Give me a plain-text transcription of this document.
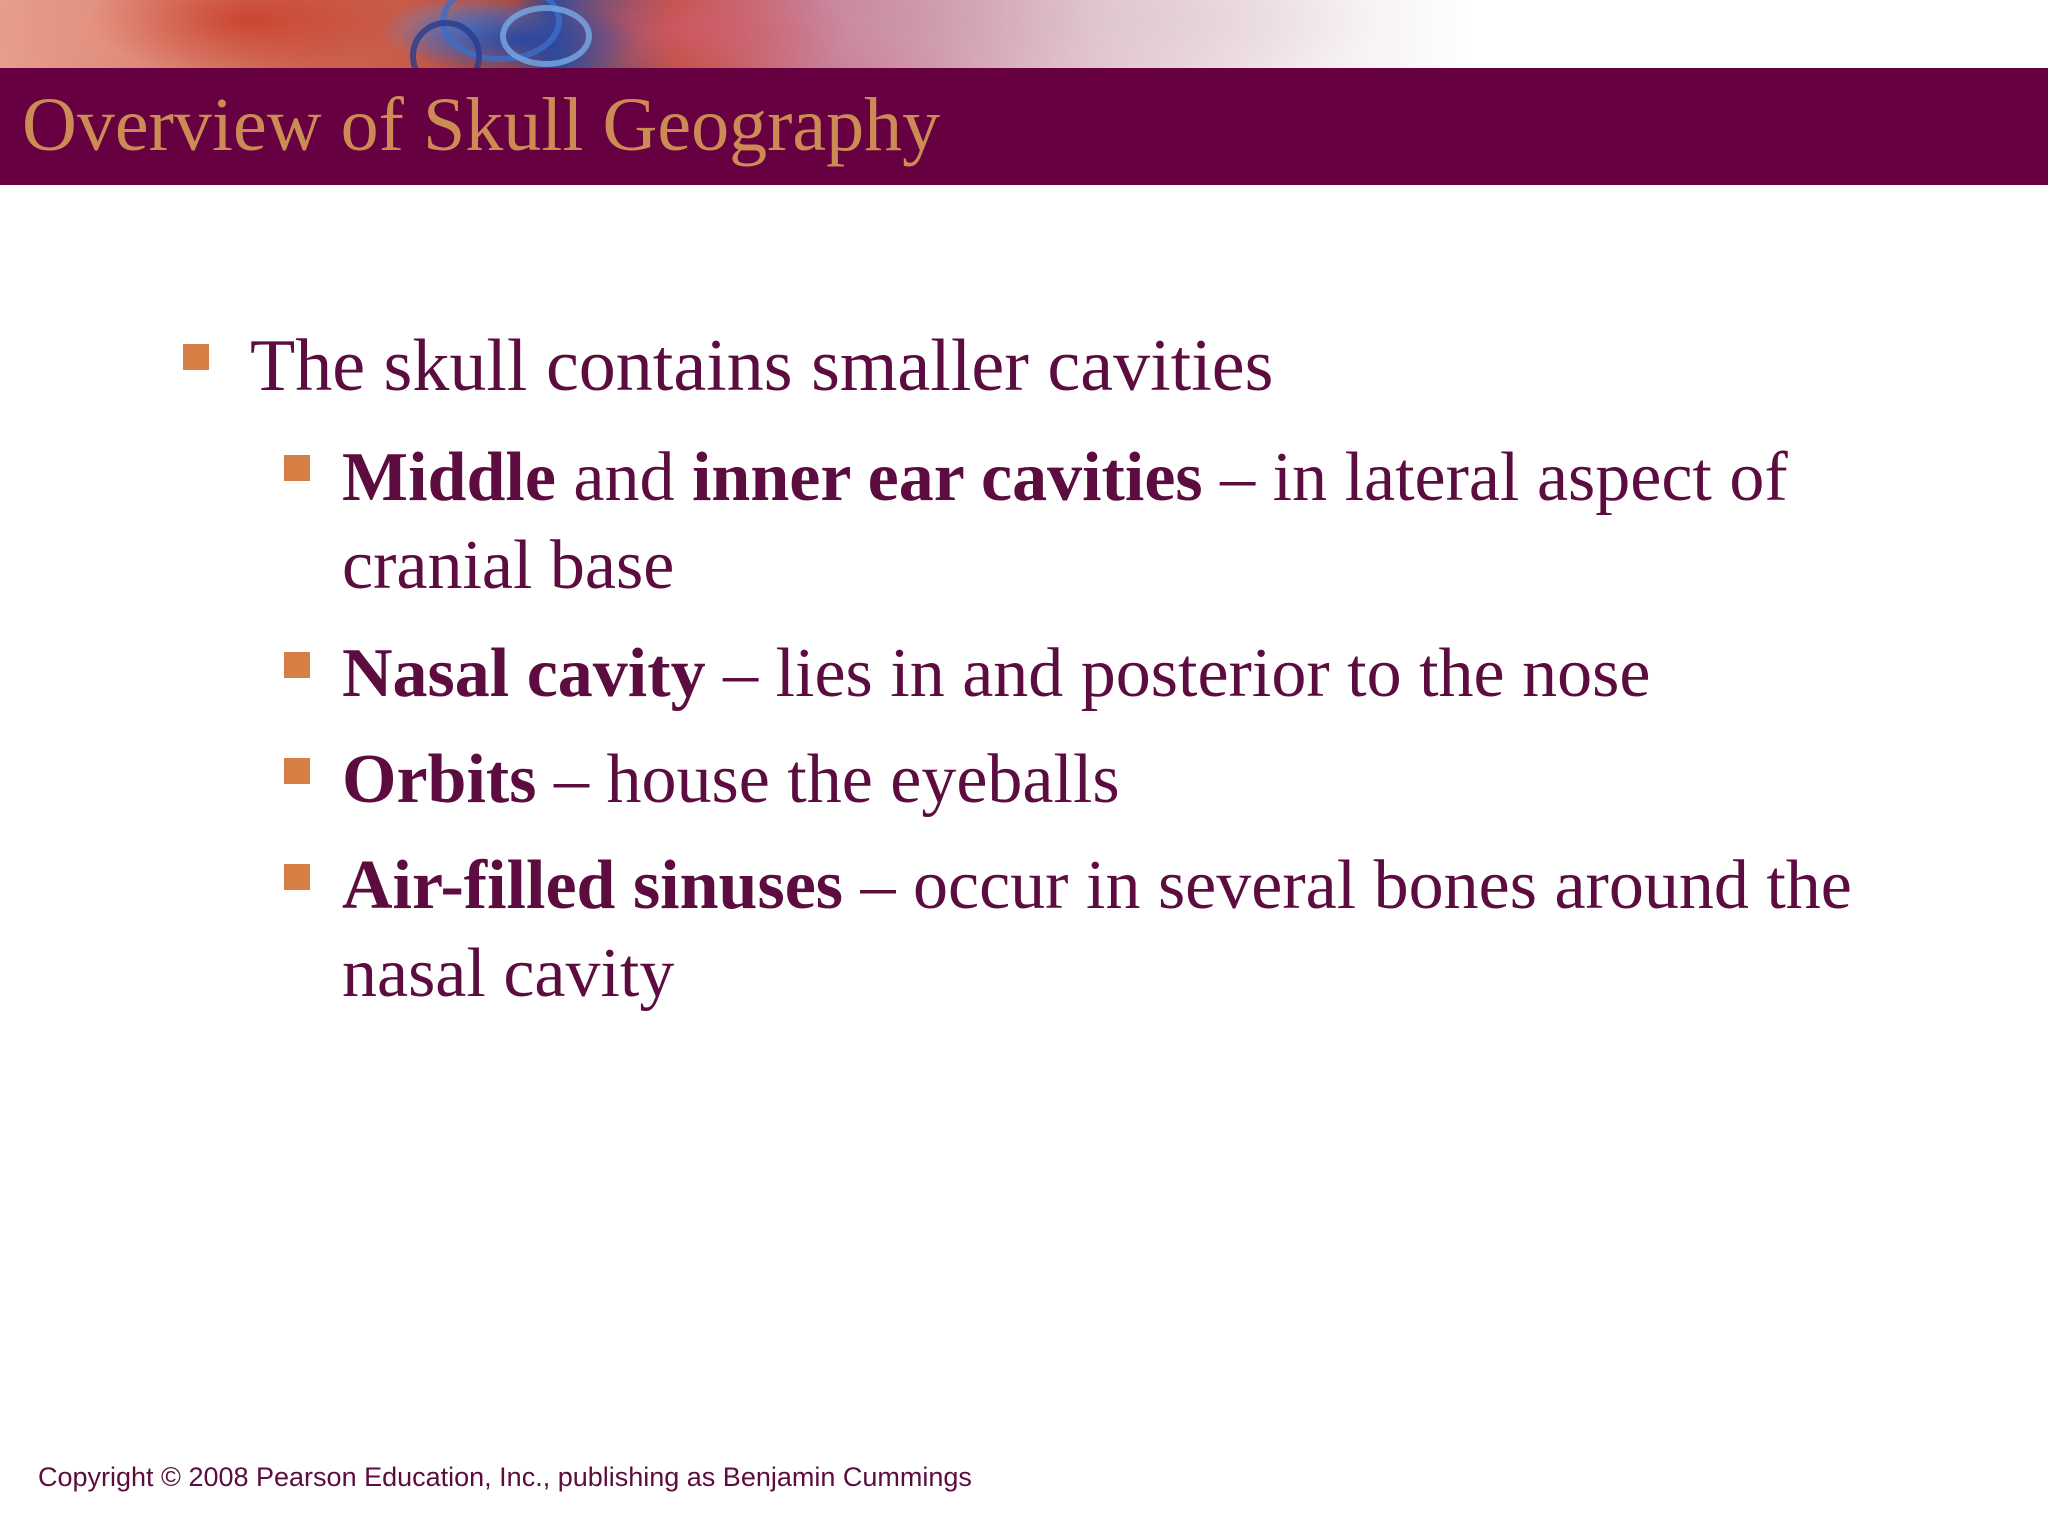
Overview of Skull Geography
The skull contains smaller cavities
Middle and inner ear cavities – in lateral aspect of cranial base
Nasal cavity – lies in and posterior to the nose
Orbits – house the eyeballs
Air-filled sinuses – occur in several bones around the nasal cavity
Copyright © 2008 Pearson Education, Inc., publishing as Benjamin Cummings
